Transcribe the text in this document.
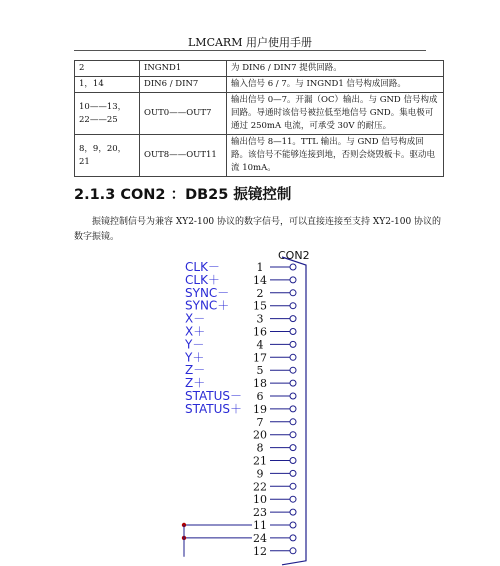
LMCARM 用户使用手册
2	INGND1	为 DIN6 / DIN7 提供回路。
1，14	DIN6 / DIN7	输入信号 6 / 7。与 INGND1 信号构成回路。
10——13，22——25	OUT0——OUT7	输出信号 0—7。开漏（OC）输出。与 GND 信号构成回路。导通时该信号被拉低至地信号 GND。集电极可通过 250mA 电流，可承受 30V 的耐压。
8，9，20，21	OUT8——OUT11	输出信号 8—11。TTL 输出。与 GND 信号构成回路。该信号不能够连接到地，否则会烧毁板卡。驱动电流 10mA。
2.1.3 CON2 ：DB25 振镜控制
振镜控制信号为兼容 XY2-100 协议的数字信号，可以直接连接至支持 XY2-100 协议的数字振镜。
CON2
CLK－	1
CLK＋	14
SYNC－ 2
SYNC＋ 15
X－	3
X＋	16
Y－	4
Y＋	17
Z－	5
Z＋	18
STATUS－ 6
STATUS＋ 19
7
20
8
21
9
22
10
23
11
24
12
